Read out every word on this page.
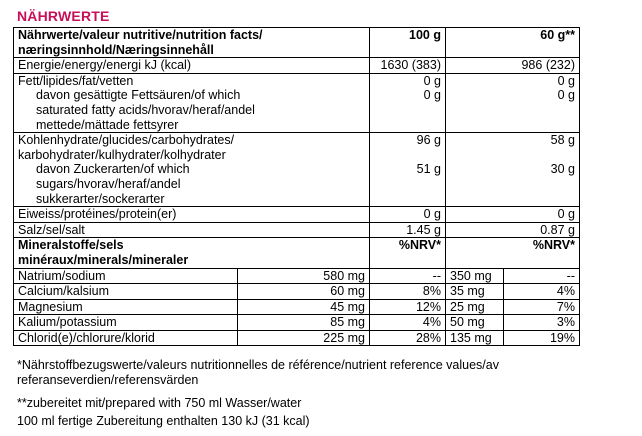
NÄHRWERTE
Nährwerte/valeur nutritive/nutrition facts/
næringsinnhold/Næringsinnehåll		100 g	60 g**	
Energie/energy/energi kJ (kcal)		1630 (383)	986 (232)	
Fett/lipides/fat/vetten		0 g	0 g	
davon gesättigte Fettsäuren/of which
saturated fatty acids/hvorav/heraf/andel
mettede/mättade fettsyrer		0 g	0 g	
Kohlenhydrate/glucides/carbohydrates/
karbohydrater/kulhydrater/kolhydrater		96 g	58 g	
davon Zuckerarten/of which
sugars/hvorav/heraf/andel
sukkerarter/sockerarter		51 g	30 g	
Eiweiss/protéines/protein(er)		0 g	0 g	
Salz/sel/salt		1.45 g	0.87 g	
Mineralstoffe/sels
minéraux/minerals/mineraler		%NRV*	%NRV*	
Natrium/sodium	580 mg	--	350 mg	--
Calcium/kalsium	60 mg	8%	35 mg	4%
Magnesium	45 mg	12%	25 mg	7%
Kalium/potassium	85 mg	4%	50 mg	3%
Chlorid(e)/chlorure/klorid	225 mg	28%	135 mg	19%
*Nährstoffbezugswerte/valeurs nutritionnelles de référence/nutrient reference values/av
referanseverdien/referensvärden
**zubereitet mit/prepared with 750 ml Wasser/water
100 ml fertige Zubereitung enthalten 130 kJ (31 kcal)
